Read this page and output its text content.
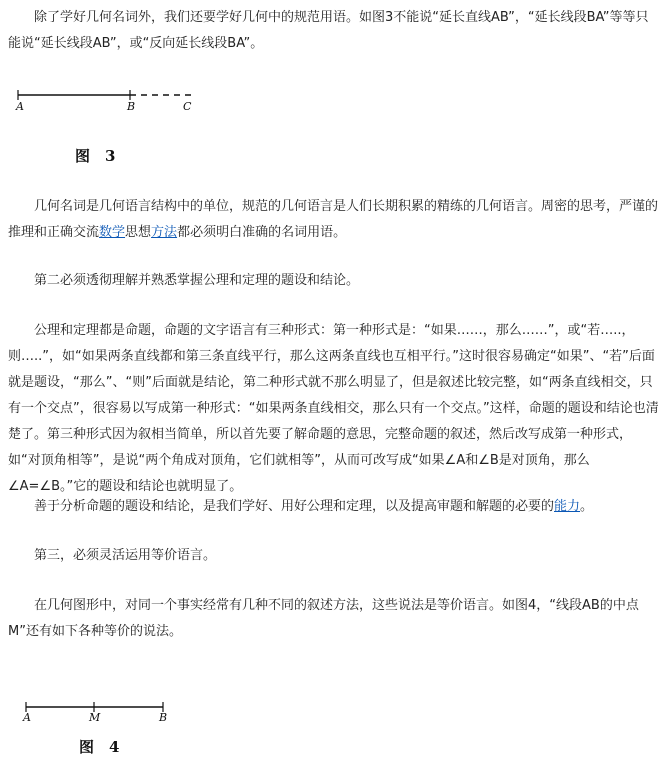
除了学好几何名词外，我们还要学好几何中的规范用语。如图3不能说“延长直线AB”，“延长线段BA”等等只能说“延长线段AB”，或“反向延长线段BA”。

A	B	C
图　3

几何名词是几何语言结构中的单位，规范的几何语言是人们长期积累的精练的几何语言。周密的思考，严谨的推理和正确交流数学思想方法都必须明白准确的名词用语。

第二必须透彻理解并熟悉掌握公理和定理的题设和结论。

公理和定理都是命题，命题的文字语言有三种形式：第一种形式是：“如果……，那么……”，或“若…..，则…..”，如“如果两条直线都和第三条直线平行，那么这两条直线也互相平行。”这时很容易确定“如果”、“若”后面就是题设，“那么”、“则”后面就是结论，第二种形式就不那么明显了，但是叙述比较完整，如“两条直线相交，只有一个交点”，很容易以写成第一种形式：“如果两条直线相交，那么只有一个交点。”这样，命题的题设和结论也清楚了。第三种形式因为叙相当简单，所以首先要了解命题的意思，完整命题的叙述，然后改写成第一种形式，如“对顶角相等”，是说“两个角成对顶角，它们就相等”，从而可改写成“如果∠A和∠B是对顶角，那么∠A=∠B。”它的题设和结论也就明显了。

善于分析命题的题设和结论，是我们学好、用好公理和定理，以及提高审题和解题的必要的能力。

第三，必须灵活运用等价语言。

在几何图形中，对同一个事实经常有几种不同的叙述方法，这些说法是等价语言。如图4，“线段AB的中点M”还有如下各种等价的说法。

A	M	B
图　4
